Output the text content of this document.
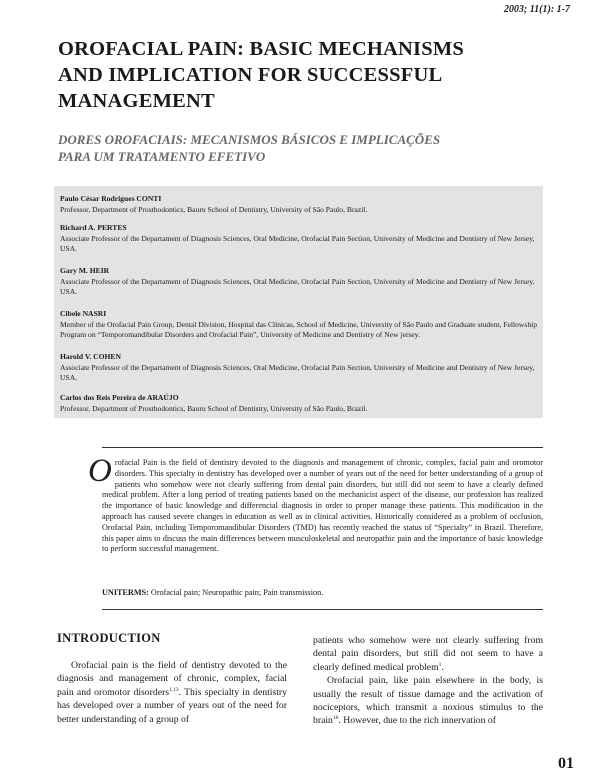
2003; 11(1): 1-7
OROFACIAL PAIN: BASIC MECHANISMS
AND IMPLICATION FOR SUCCESSFUL
MANAGEMENT
DORES OROFACIAIS: MECANISMOS BÁSICOS E IMPLICAÇÕES
PARA UM TRATAMENTO EFETIVO
Paulo César Rodrigues CONTI
Professor, Department of Prosthodontics, Bauru School of Dentistry, University of São Paulo, Brazil.
Richard A. PERTES
Associate Professor of the Departament of Diagnosis Sciences, Oral Medicine, Orofacial Pain Section, University of Medicine and Dentistry of New Jersey, USA.
Gary M. HEIR
Associate Professor of the Departament of Diagnosis Sciences, Oral Medicine, Orofacial Pain Section, University of Medicine and Dentistry of New Jersey, USA.
Cibele NASRI
Member of the Orofacial Pain Group, Dental Division, Hospital das Clínicas, School of Medicine, University of São Paulo and Graduate student, Fellowship Program on “Temporomandibular Disorders and Orofacial Pain”, University of Medicine and Dentistry of New jersey.
Harold V. COHEN
Associate Professor of the Departament of Diagnosis Sciences, Oral Medicine, Orofacial Pain Section, University of Medicine and Dentistry of New Jersey, USA.
Carlos dos Reis Pereira de ARAÚJO
Professor, Department of Prosthodontics, Bauru School of Dentistry, University of São Paulo, Brazil.

Orofacial Pain is the field of dentistry devoted to the diagnosis and management of chronic, complex, facial pain and oromotor disorders. This specialty in dentistry has developed over a number of years out of the need for better understanding of a group of patients who somehow were not clearly suffering from dental pain disorders, but still did not seem to have a clearly defined medical problem. After a long period of treating patients based on the mechanicist aspect of the disease, our profession has realized the importance of basic knowledge and differencial diagnosis in order to proper manage these patients. This modification in the approach has caused severe changes in education as well as in clinical activities. Historically considered as a problem of occlusion, Orofacial Pain, including Temporomandibular Disorders (TMD) has recently reached the status of “Specialty” in Brazil. Therefore, this paper aims to discuss the main differences between musculoskeletal and neuropathic pain and the importance of basic knowledge to perform successful management.

UNITERMS: Orofacial pain; Neuropathic pain; Pain transmission.
INTRODUCTION

Orofacial pain is the field of dentistry devoted to the diagnosis and management of chronic, complex, facial pain and oromotor disorders$^{1,13}$. This specialty in dentistry has developed over a number of years out of the need for better understanding of a group of

patients who somehow were not clearly suffering from dental pain disorders, but still did not seem to have a clearly defined medical problem$^1$.

Orofacial pain, like pain elsewhere in the body, is usually the result of tissue damage and the activation of nociceptors, which transmit a noxious stimulus to the brain$^{16}$. However, due to the rich innervation of

01
